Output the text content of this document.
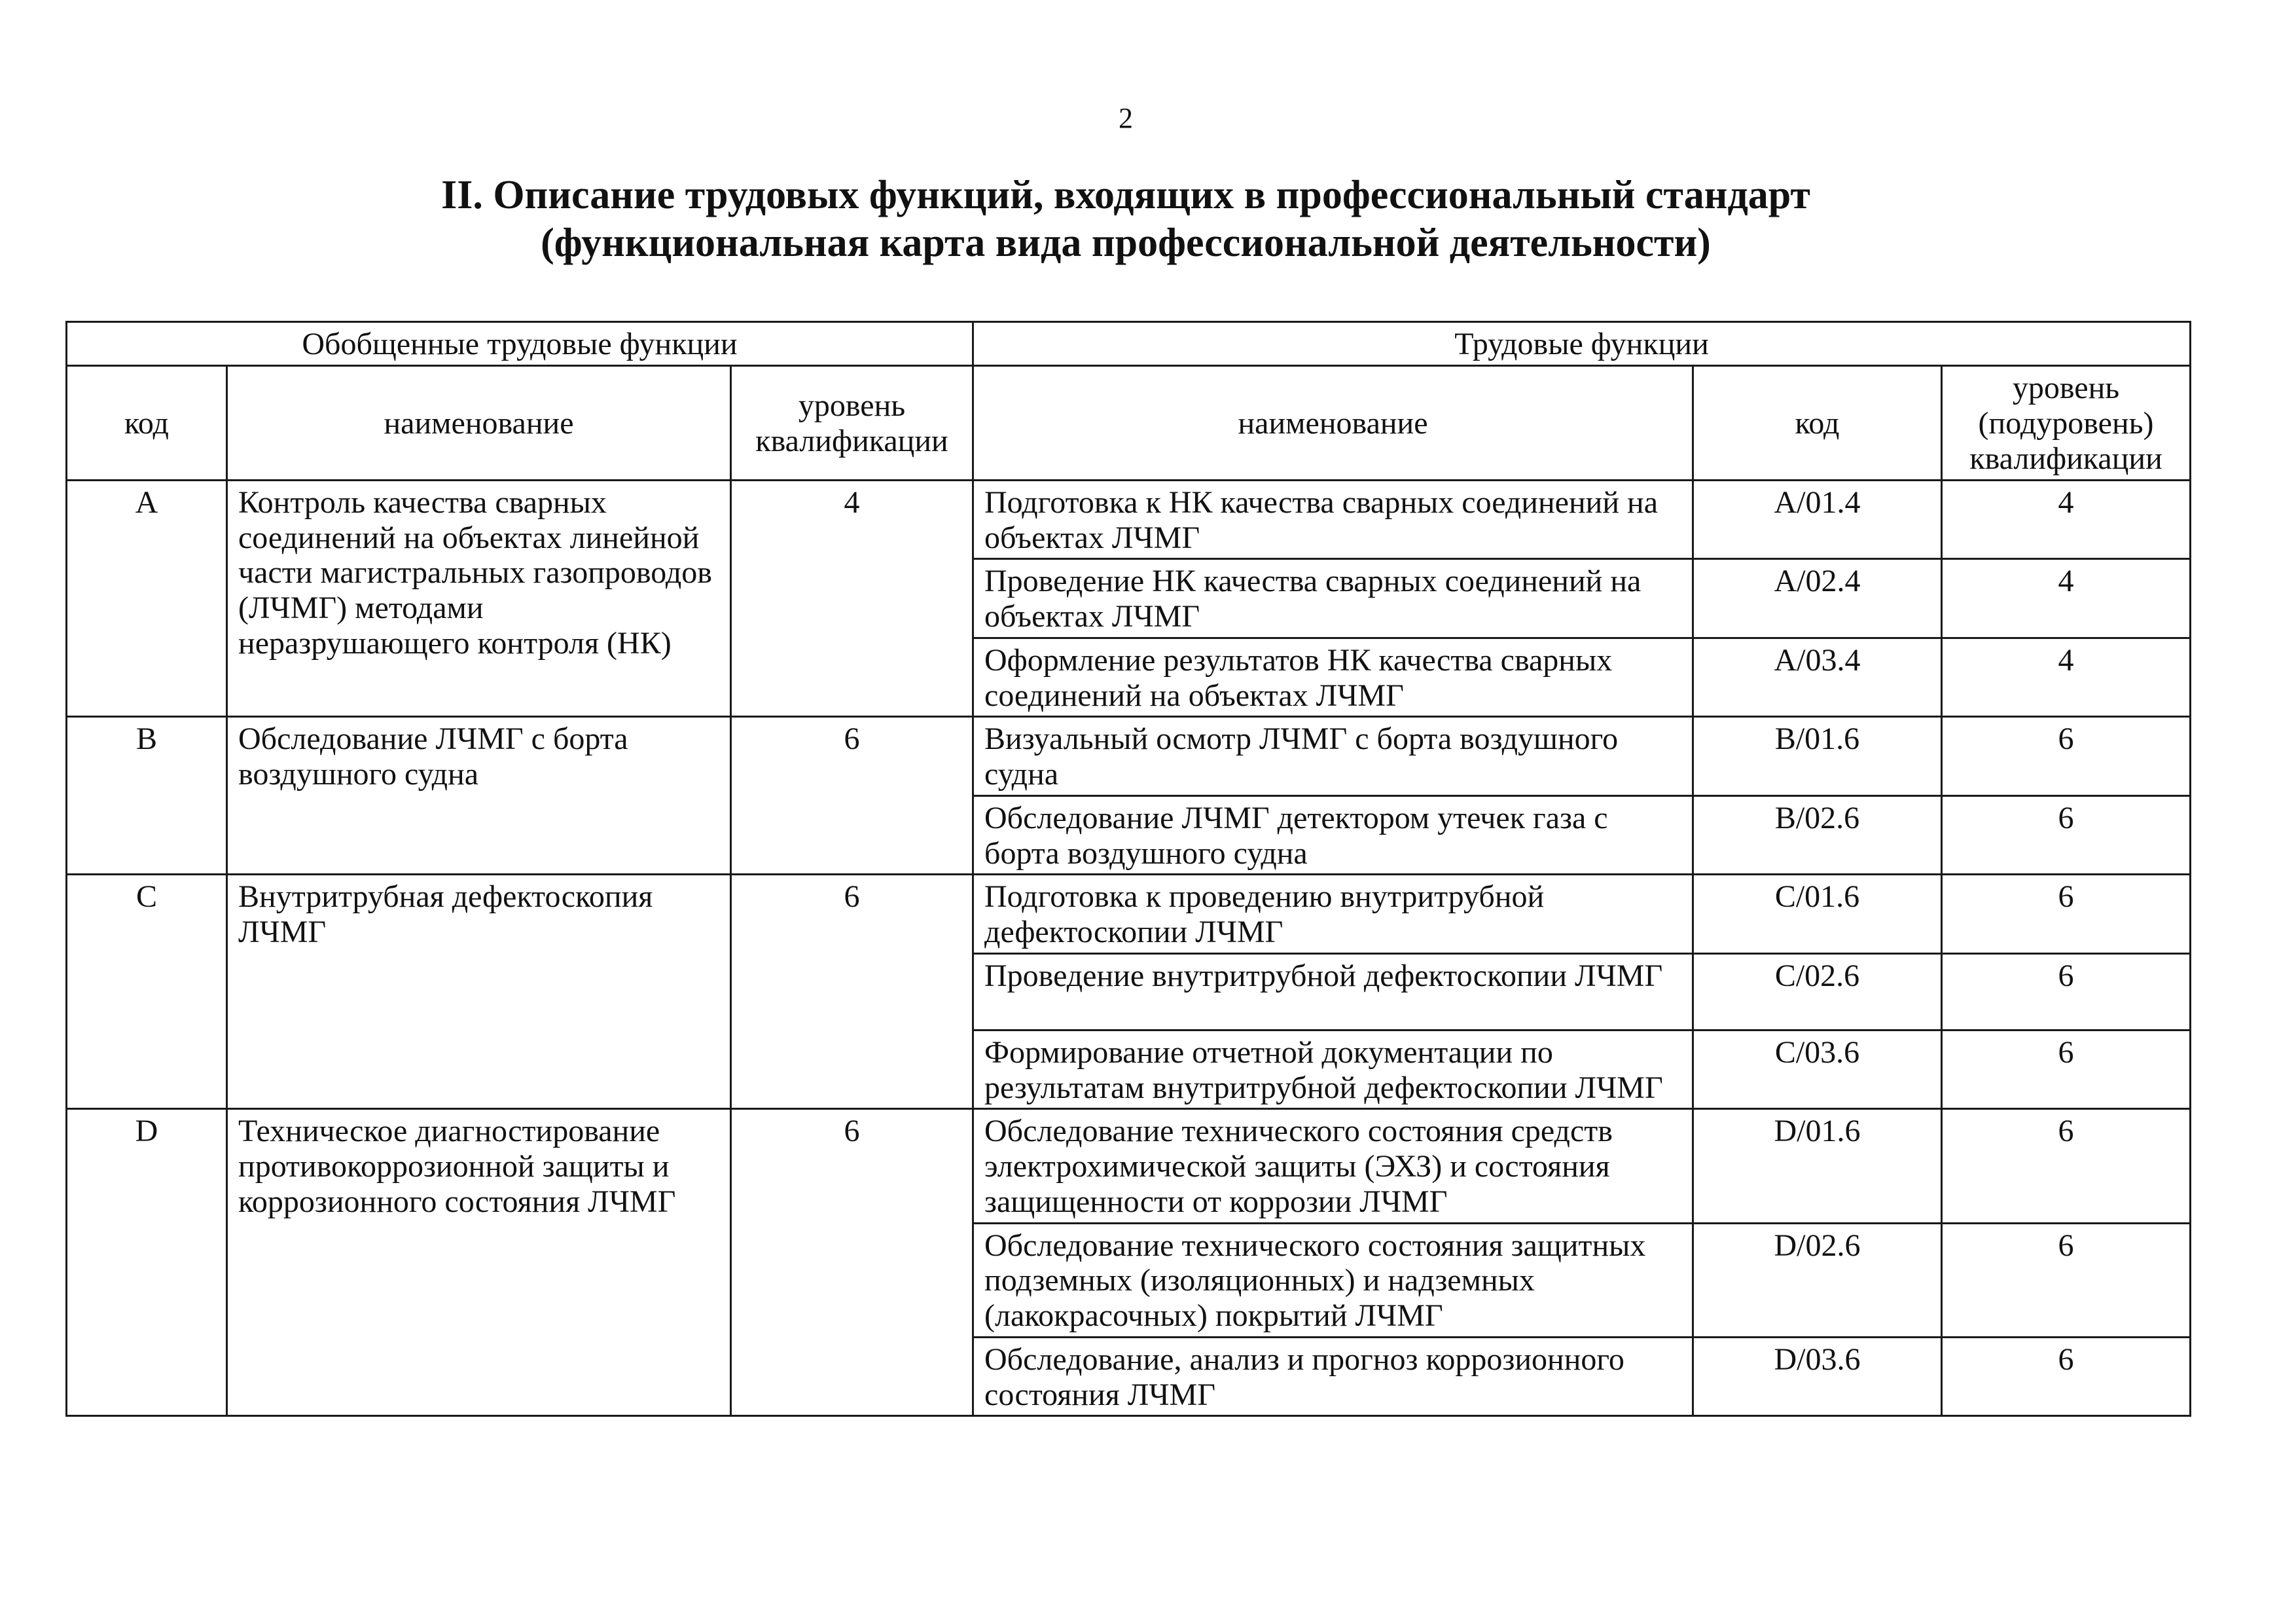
2
II. Описание трудовых функций, входящих в профессиональный стандарт
(функциональная карта вида профессиональной деятельности)
Обобщенные трудовые функции			Трудовые функции		
код	наименование	уровень квалификации	наименование	код	уровень (подуровень) квалификации
A	Контроль качества сварных соединений на объектах линейной части магистральных газопроводов (ЛЧМГ) методами неразрушающего контроля (НК)	4	Подготовка к НК качества сварных соединений на объектах ЛЧМГ	A/01.4	4
			Проведение НК качества сварных соединений на объектах ЛЧМГ	A/02.4	4
			Оформление результатов НК качества сварных соединений на объектах ЛЧМГ	A/03.4	4
B	Обследование ЛЧМГ с борта воздушного судна	6	Визуальный осмотр ЛЧМГ с борта воздушного судна	B/01.6	6
			Обследование ЛЧМГ детектором утечек газа с борта воздушного судна	B/02.6	6
C	Внутритрубная дефектоскопия ЛЧМГ	6	Подготовка к проведению внутритрубной дефектоскопии ЛЧМГ	C/01.6	6
			Проведение внутритрубной дефектоскопии ЛЧМГ	C/02.6	6
			Формирование отчетной документации по результатам внутритрубной дефектоскопии ЛЧМГ	C/03.6	6
D	Техническое диагностирование противокоррозионной защиты и коррозионного состояния ЛЧМГ	6	Обследование технического состояния средств электрохимической защиты (ЭХЗ) и состояния защищенности от коррозии ЛЧМГ	D/01.6	6
			Обследование технического состояния защитных подземных (изоляционных) и надземных (лакокрасочных) покрытий ЛЧМГ	D/02.6	6
			Обследование, анализ и прогноз коррозионного состояния ЛЧМГ	D/03.6	6
